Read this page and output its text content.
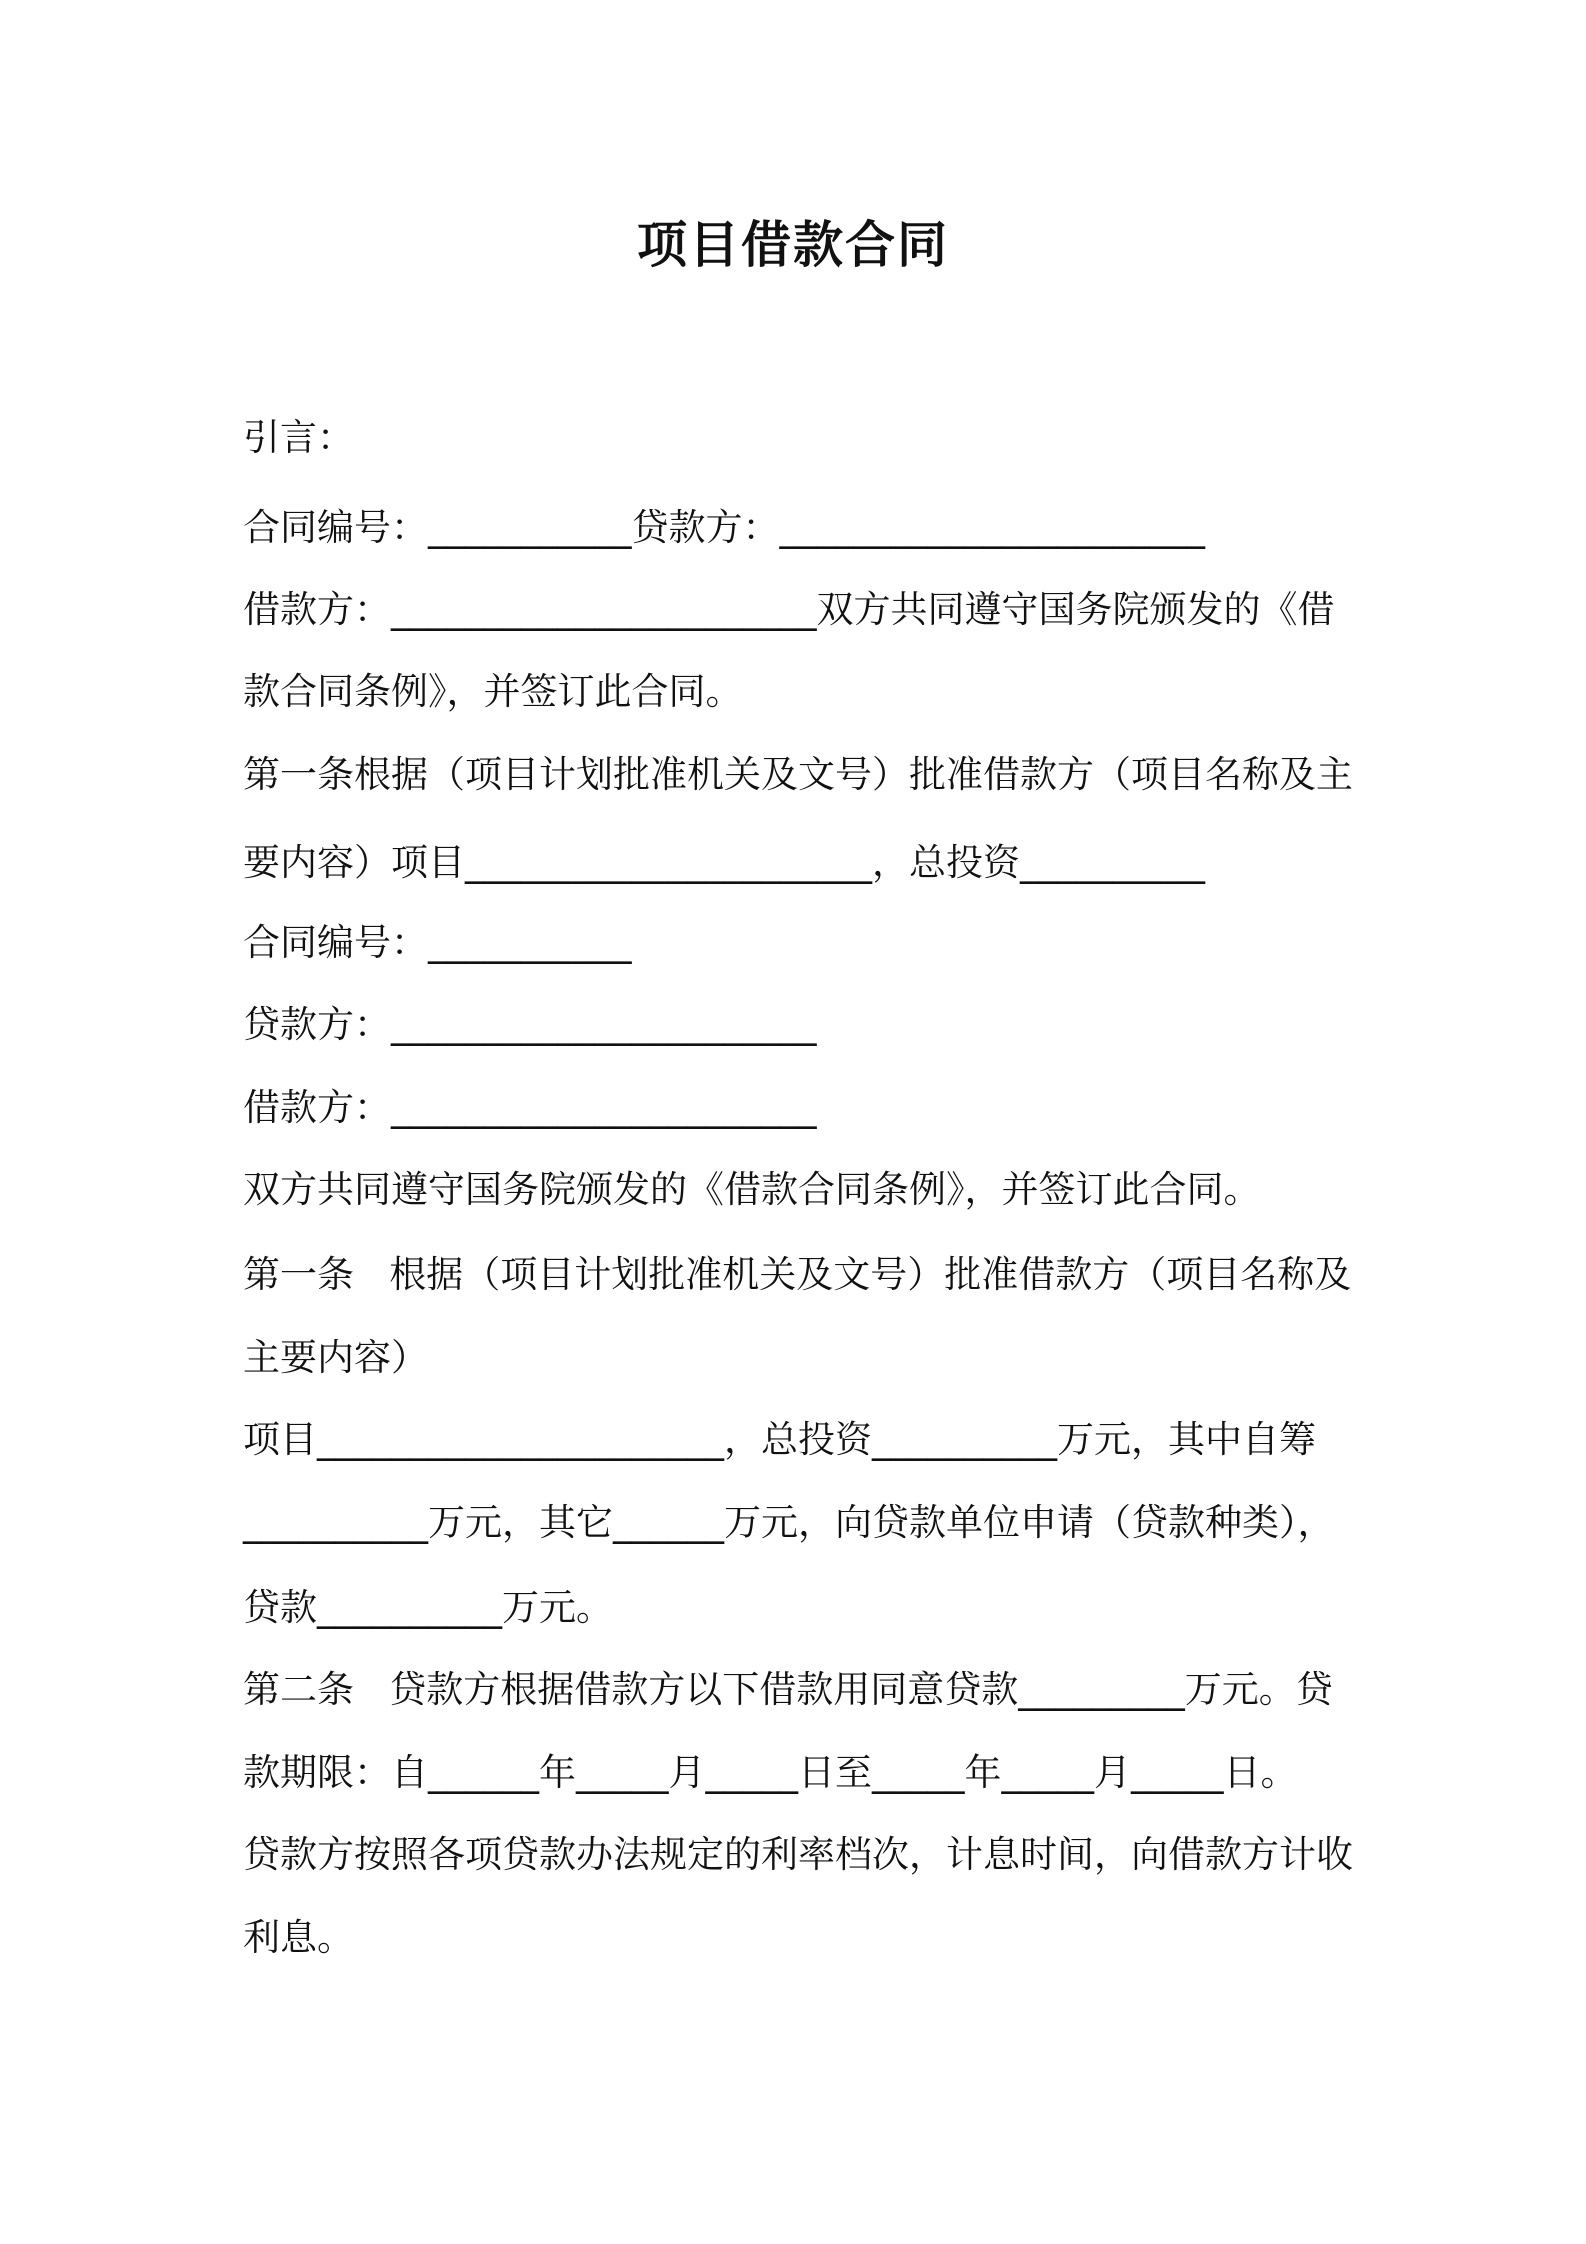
项目借款合同
引言：
合同编号：___________贷款方：_______________________
借款方：_______________________双方共同遵守国务院颁发的《借
款合同条例》，并签订此合同。
第一条根据（项目计划批准机关及文号）批准借款方（项目名称及主
要内容）项目______________________，总投资__________
合同编号：___________
贷款方：_______________________
借款方：_______________________
双方共同遵守国务院颁发的《借款合同条例》，并签订此合同。
第一条   根据（项目计划批准机关及文号）批准借款方（项目名称及
主要内容）
项目______________________，总投资__________万元，其中自筹
__________万元，其它______万元，向贷款单位申请（贷款种类），
贷款__________万元。
第二条   贷款方根据借款方以下借款用同意贷款_________万元。贷
款期限：自______年_____月_____日至_____年_____月_____日。
贷款方按照各项贷款办法规定的利率档次，计息时间，向借款方计收
利息。
